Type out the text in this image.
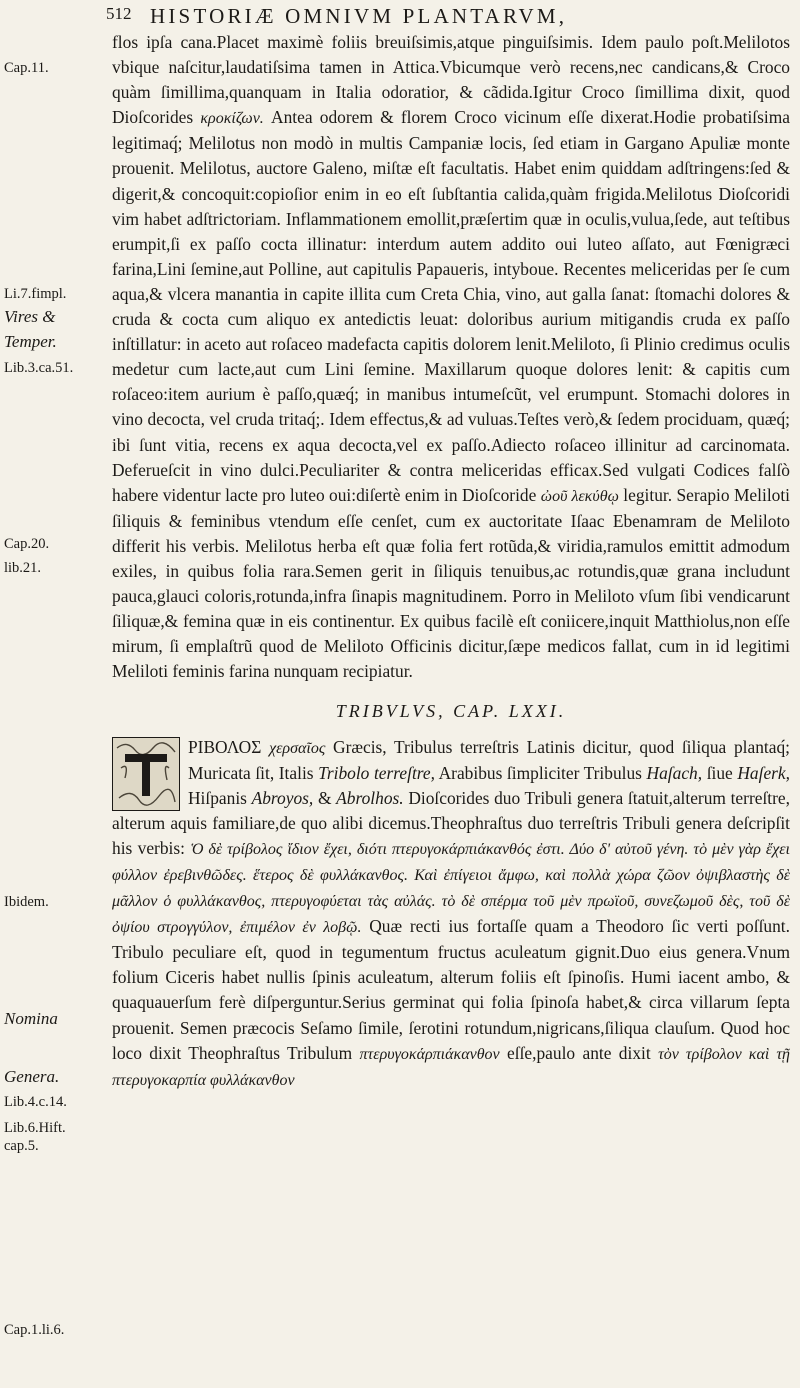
512 HISTORIÆ OMNIVM PLANTARVM,
Cap.11.
Li.7.fimpl.
Vires &
Temper.
Lib.3.ca.51.
Cap.20.
lib.21.
Ibidem.
Nomina
Genera.
Lib.4.c.14.
Lib.6.Hift.
cap.5.
Cap.1.li.6.

flos ipſa cana.Placet maximè foliis breuiſsimis,atque pinguiſsimis. Idem paulo poſt.Melilotos vbique naſcitur,laudatiſsima tamen in Attica.Vbicumque verò recens,nec candicans,& Croco quàm ſimillima,quanquam in Italia odoratior, & cãdida.Igitur Croco ſimillima dixit, quod Dioſcorides κροκίζων. Antea odorem & florem Croco vicinum eſſe dixerat.Hodie probatiſsima legitimaq́; Melilotus non modò in multis Campaniæ locis, ſed etiam in Gargano Apuliæ monte prouenit. Melilotus, auctore Galeno, miſtæ eſt facultatis. Habet enim quiddam adſtringens:ſed & digerit,& concoquit:copioſior enim in eo eſt ſubſtantia calida,quàm frigida.Melilotus Dioſcoridi vim habet adſtrictoriam. Inflammationem emollit,præſertim quæ in oculis,vulua,ſede, aut teſtibus erumpit,ſi ex paſſo cocta illinatur: interdum autem addito oui luteo aſſato, aut Fœnigræci farina,Lini ſemine,aut Polline, aut capitulis Papaueris, intyboue. Recentes meliceridas per ſe cum aqua,& vlcera manantia in capite illita cum Creta Chia, vino, aut galla ſanat: ſtomachi dolores & cruda & cocta cum aliquo ex antedictis leuat: doloribus aurium mitigandis cruda ex paſſo inſtillatur: in aceto aut roſaceo madefacta capitis dolorem lenit.Meliloto, ſi Plinio credimus oculis medetur cum lacte,aut cum Lini ſemine. Maxillarum quoque dolores lenit: & capitis cum roſaceo:item aurium è paſſo,quæq́; in manibus intumeſcũt, vel erumpunt. Stomachi dolores in vino decocta, vel cruda tritaq́;. Idem effectus,& ad vuluas.Teſtes verò,& ſedem prociduam, quæq́; ibi ſunt vitia, recens ex aqua decocta,vel ex paſſo.Adiecto roſaceo illinitur ad carcinomata. Deferueſcit in vino dulci.Peculiariter & contra meliceridas efficax.Sed vulgati Codices falſò habere videntur lacte pro luteo oui:diſertè enim in Dioſcoride ὠοῦ λεκύθῳ legitur. Serapio Meliloti ſiliquis & feminibus vtendum eſſe cenſet, cum ex auctoritate Iſaac Ebenamram de Meliloto differit his verbis. Melilotus herba eſt quæ folia fert rotũda,& viridia,ramulos emittit admodum exiles, in quibus folia rara.Semen gerit in ſiliquis tenuibus,ac rotundis,quæ grana includunt pauca,glauci coloris,rotunda,infra ſinapis magnitudinem. Porro in Meliloto vſum ſibi vendicarunt ſiliquæ,& femina quæ in eis continentur. Ex quibus facilè eſt coniicere,inquit Matthiolus,non eſſe mirum, ſi emplaſtrũ quod de Meliloto Officinis dicitur,ſæpe medicos fallat, cum in id legitimi Meliloti feminis farina nunquam recipiatur.

TRIBVLVS, CAP. LXXI.

ΡΙΒΟΛΟΣ χερσαῖος Græcis, Tribulus terreſtris Latinis dicitur, quod ſiliqua plantaq́; Muricata ſit, Italis Tribolo terreſtre, Arabibus ſimpliciter Tribulus Haſach, ſiue Haſerk, Hiſpanis Abroyos, & Abrolhos. Dioſcorides duo Tribuli genera ſtatuit,alterum terreſtre, alterum aquis familiare,de quo alibi dicemus.Theophraſtus duo terreſtris Tribuli genera deſcripſit his verbis: Ὁ δὲ τρίβολος ἴδιον ἔχει, διότι πτερυγοκάρπιάκανθός ἐστι. Δύο δ' αὐτοῦ γένη. τὸ μὲν γὰρ ἔχει φύλλον ἐρεβινθῶδες. ἕτερος δὲ φυλλάκανθος. Καὶ ἐπίγειοι ἄμφω, καὶ πολλὰ χώρα ζῶον ὀψιβλαστὴς δὲ μᾶλλον ὁ φυλλάκανθος, πτερυγοφύεται τὰς αὐλάς. τὸ δὲ σπέρμα τοῦ μὲν πρωϊοῦ, συνεζωμοῦ δὲς, τοῦ δὲ ὀψίου στρογγύλον, ἐπιμέλον ἐν λοβῷ. Quæ recti ius fortaſſe quam a Theodoro ſic verti poſſunt. Tribulo peculiare eſt, quod in tegumentum fructus aculeatum gignit.Duo eius genera.Vnum folium Ciceris habet nullis ſpinis aculeatum, alterum foliis eſt ſpinoſis. Humi iacent ambo, & quaquauerſum ferè diſperguntur.Serius germinat qui folia ſpinoſa habet,& circa villarum ſepta prouenit. Semen præcocis Seſamo ſimile, ſerotini rotundum,nigricans,ſiliqua clauſum. Quod hoc loco dixit Theophraſtus Tribulum πτερυγοκάρπιάκανθον eſſe,paulo ante dixit τὸν τρίβολον καὶ τῇ πτερυγοκαρπία φυλλάκανθον
